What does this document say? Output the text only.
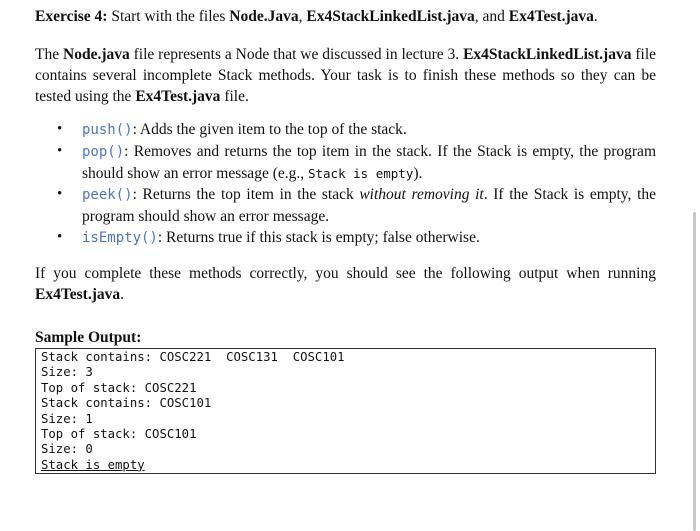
Exercise 4: Start with the files Node.Java, Ex4StackLinkedList.java, and Ex4Test.java.

The Node.java file represents a Node that we discussed in lecture 3. Ex4StackLinkedList.java file contains several incomplete Stack methods. Your task is to finish these methods so they can be tested using the Ex4Test.java file.

• push(): Adds the given item to the top of the stack.
• pop(): Removes and returns the top item in the stack. If the Stack is empty, the program should show an error message (e.g., Stack is empty).
• peek(): Returns the top item in the stack without removing it. If the Stack is empty, the program should show an error message.
• isEmpty(): Returns true if this stack is empty; false otherwise.

If you complete these methods correctly, you should see the following output when running Ex4Test.java.

Sample Output:

Stack contains: COSC221  COSC131  COSC101
Size: 3
Top of stack: COSC221
Stack contains: COSC101
Size: 1
Top of stack: COSC101
Size: 0
Stack is empty
